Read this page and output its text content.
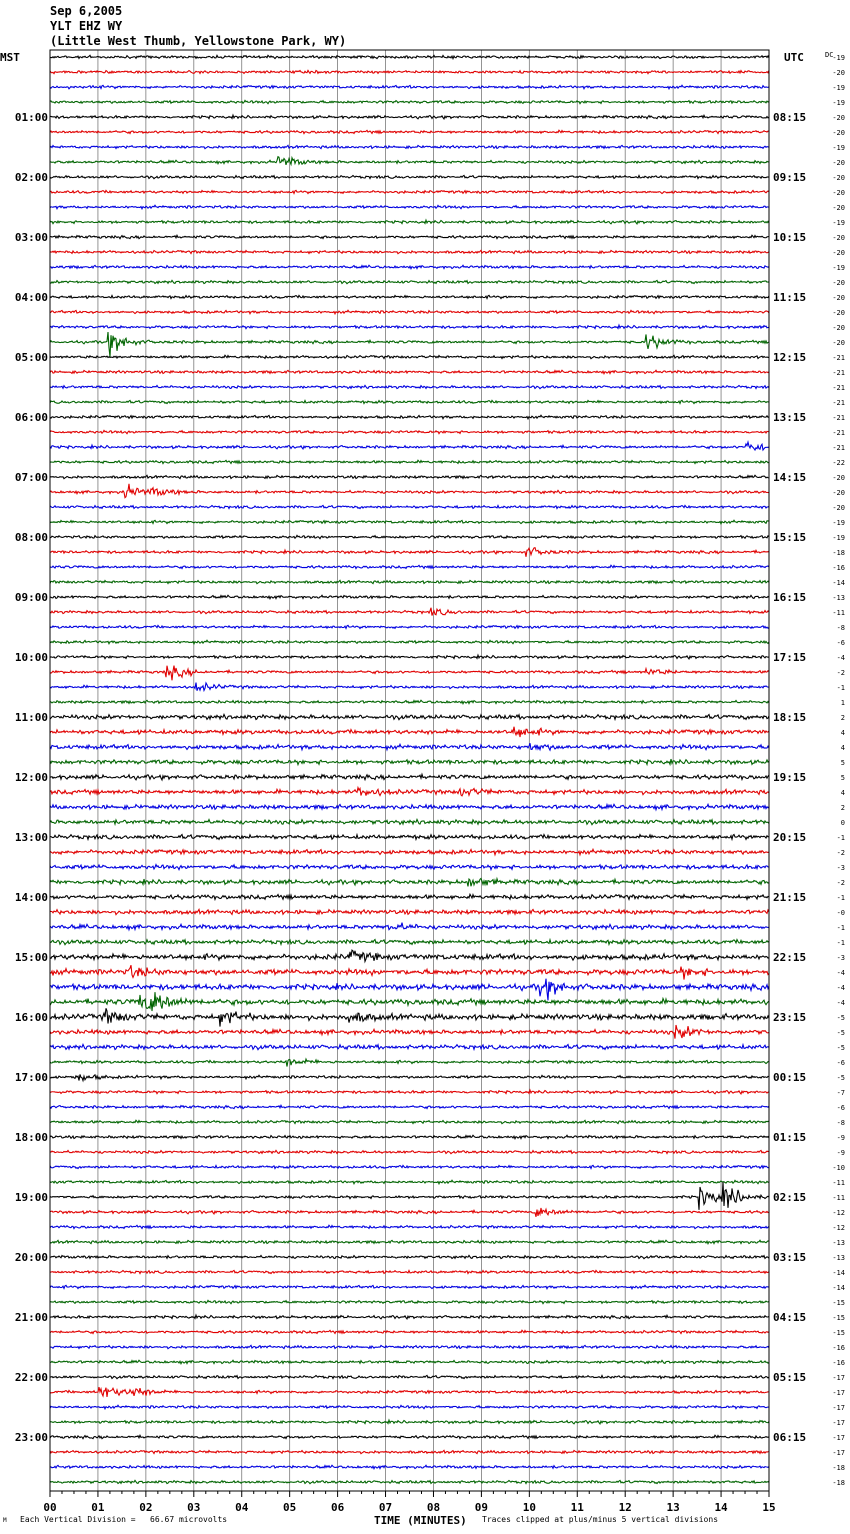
Sep 6,2005
YLT EHZ WY
(Little West Thumb, Yellowstone Park, WY)
01:00
02:00
03:00
04:00
05:00
06:00
07:00
08:00
09:00
10:00
11:00
12:00
13:00
14:00
15:00
16:00
17:00
18:00
19:00
20:00
21:00
22:00
23:00
08:15
09:15
10:15
11:15
12:15
13:15
14:15
15:15
16:15
17:15
18:15
19:15
20:15
21:15
22:15
23:15
00:15
01:15
02:15
03:15
04:15
05:15
06:15
-19
-20
-19
-19
-20
-20
-19
-20
-20
-20
-20
-19
-20
-20
-19
-20
-20
-20
-20
-20
-21
-21
-21
-21
-21
-21
-21
-22
-20
-20
-20
-19
-19
-18
-16
-14
-13
-11
-8
-6
-4
-2
-1
1
2
4
4
5
5
4
2
0
-1
-2
-3
-2
-1
-0
-1
-1
-3
-4
-4
-4
-5
-5
-5
-6
-5
-7
-6
-8
-9
-9
-10
-11
-11
-12
-12
-13
-13
-14
-14
-15
-15
-15
-16
-16
-17
-17
-17
-17
-17
-17
-18
-18
00	01	02	03	04	05	06	07	08	09	10	11	12	13	14	15
MST	UTC	DC
TIME (MINUTES)
M Each Vertical Division = 66.67 microvolts	Traces clipped at plus/minus 5 vertical divisions
